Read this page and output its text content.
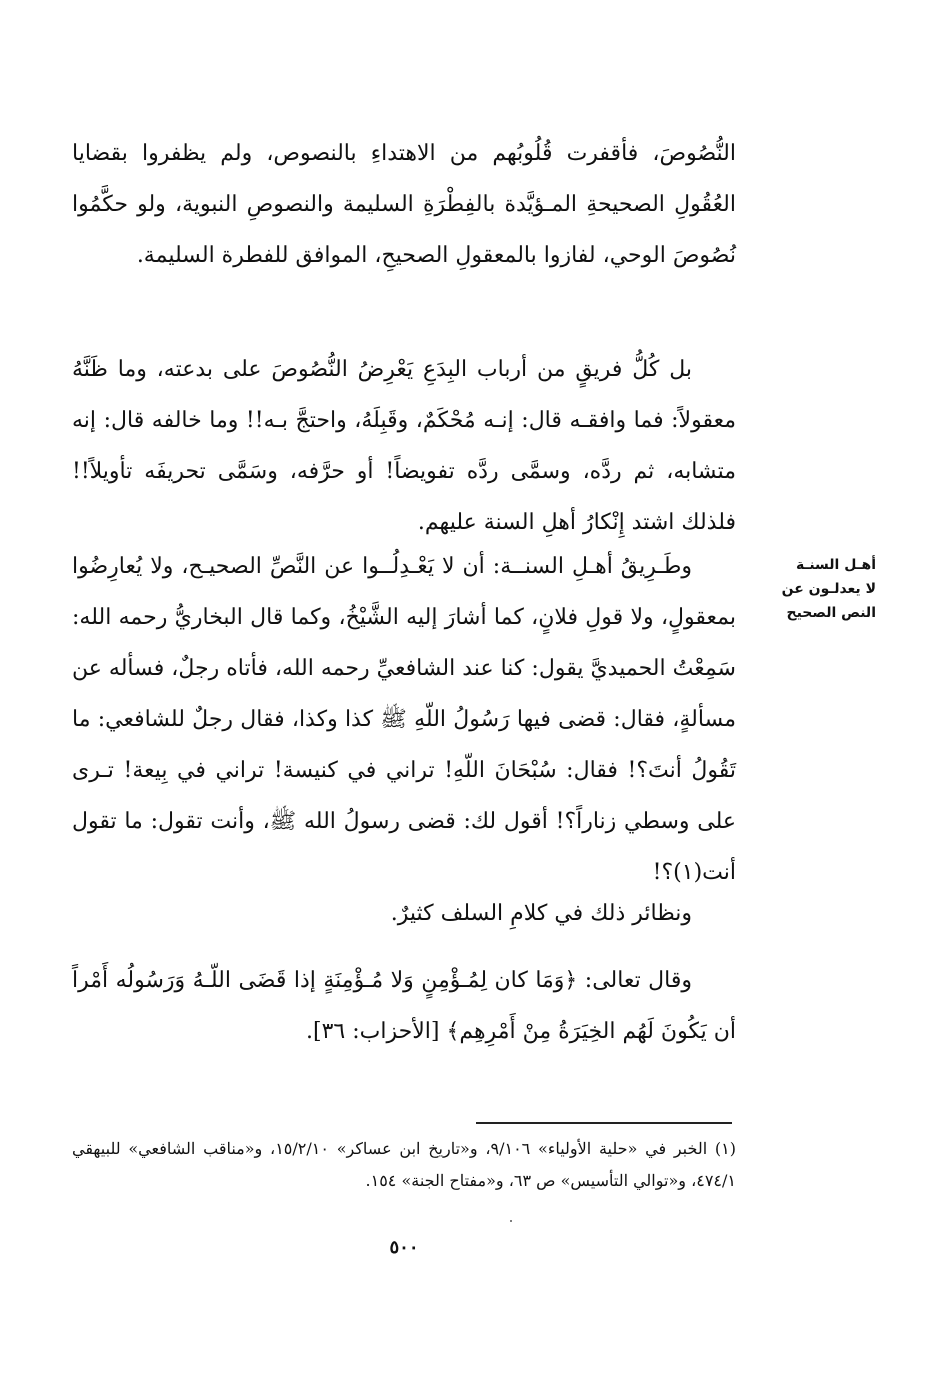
النُّصُوصَ، فأقفرت قُلُوبُهم من الاهتداءِ بالنصوص، ولم يظفروا بقضايا العُقُولِ الصحيحةِ المـؤيَّدة بالفِطْرَةِ السليمة والنصوصِ النبوية، ولو حكَّمُوا نُصُوصَ الوحي، لفازوا بالمعقولِ الصحيحِ، الموافق للفطرة السليمة.

بل كُلُّ فريقٍ من أرباب البِدَعِ يَعْرِضُ النُّصُوصَ على بدعته، وما ظَنَّهُ معقولاً: فما وافقـه قال: إنـه مُحْكَمٌ، وقَبِلَهُ، واحتجَّ بـه!! وما خالفه قال: إنه متشابه، ثم ردَّه، وسمَّى ردَّه تفويضاً! أو حرَّفه، وسَمَّى تحريفَه تأويلاً!! فلذلك اشتد إِنْكارُ أهلِ السنة عليهم.

وطَـرِيقُ أهـلِ السنــة: أن لا يَعْـدِلُــوا عن النَّصِّ الصحيـح، ولا يُعارِضُوا بمعقولٍ، ولا قولِ فلانٍ، كما أشارَ إليه الشَّيْخُ، وكما قال البخاريُّ رحمه الله: سَمِعْتُ الحميديَّ يقول: كنا عند الشافعيِّ رحمه الله، فأتاه رجلٌ، فسأله عن مسألةٍ، فقال: قضى فيها رَسُولُ اللّهِ ﷺ كذا وكذا، فقال رجلٌ للشافعي: ما تَقُولُ أنتَ؟! فقال: سُبْحَانَ اللّهِ! تراني في كنيسة! تراني في بِيعة! تـرى على وسطي زناراً؟! أقول لك: قضى رسولُ الله ﷺ، وأنت تقول: ما تقول أنت(١)؟!

ونظائر ذلك في كلامِ السلف كثيرٌ.

وقال تعالى: ﴿وَمَا كان لِمُـؤْمِنٍ وَلا مُـؤْمِنَةٍ إذا قَضَى اللّـهُ وَرَسُولُه أَمْراً أن يَكُونَ لَهُم الخِيَرَةُ مِنْ أَمْرِهِم﴾ [الأحزاب: ٣٦].

أهـل السنـة
لا يعدلـون عن
النص الصحيح

(١) الخبر في «حلية الأولياء» ٩/١٠٦، و«تاريخ ابن عساكر» ١٥/٢/١٠، و«مناقب الشافعي» للبيهقي ٤٧٤/١، و«توالي التأسيس» ص ٦٣، و«مفتاح الجنة» ١٥٤.

٥٠٠
